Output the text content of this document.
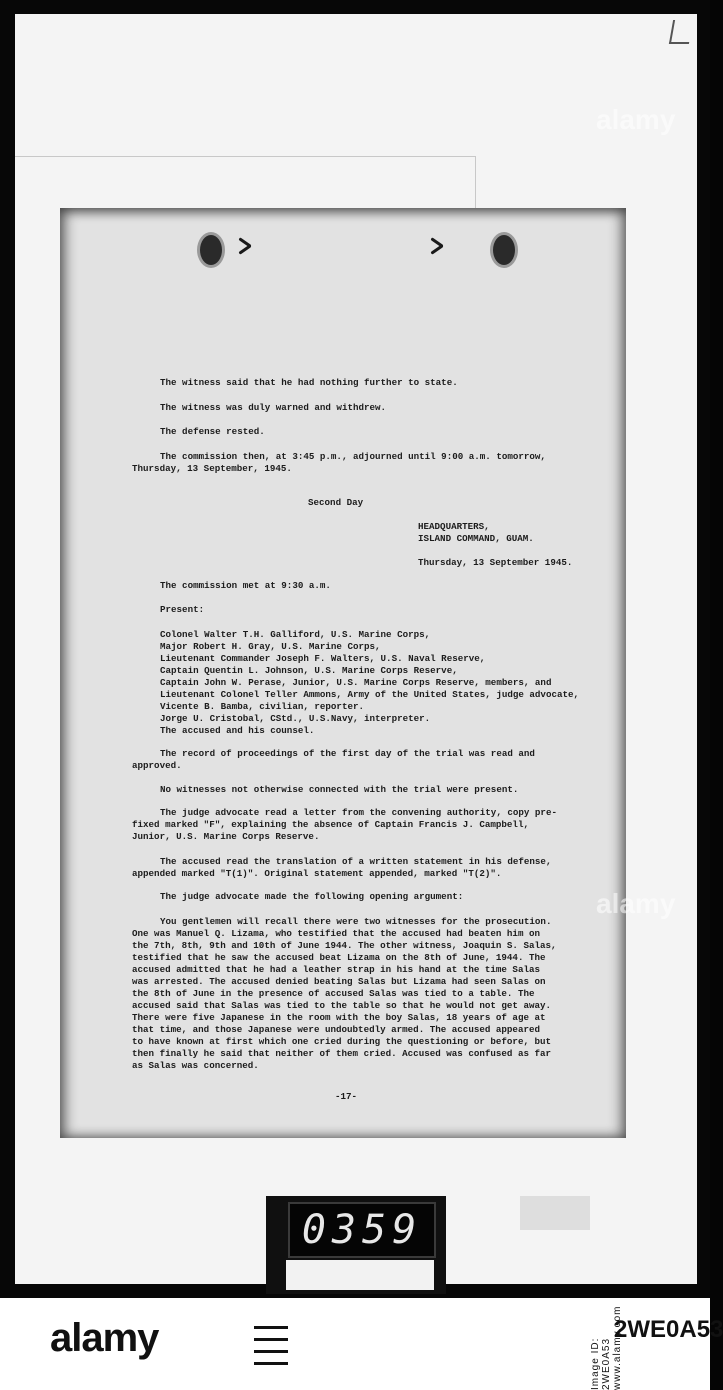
The witness said that he had nothing further to state.
The witness was duly warned and withdrew.
The defense rested.
The commission then, at 3:45 p.m., adjourned until 9:00 a.m. tomorrow,
Thursday, 13 September, 1945.
Second Day
HEADQUARTERS,
ISLAND COMMAND, GUAM.
Thursday, 13 September 1945.
The commission met at 9:30 a.m.
Present:
Colonel Walter T.H. Galliford, U.S. Marine Corps,
Major Robert H. Gray, U.S. Marine Corps,
Lieutenant Commander Joseph F. Walters, U.S. Naval Reserve,
Captain Quentin L. Johnson, U.S. Marine Corps Reserve,
Captain John W. Perase, Junior, U.S. Marine Corps Reserve, members, and
Lieutenant Colonel Teller Ammons, Army of the United States, judge advocate,
Vicente B. Bamba, civilian, reporter.
Jorge U. Cristobal, CStd., U.S.Navy, interpreter.
The accused and his counsel.
The record of proceedings of the first day of the trial was read and
approved.
No witnesses not otherwise connected with the trial were present.
The judge advocate read a letter from the convening authority, copy pre-
fixed marked "F", explaining the absence of Captain Francis J. Campbell,
Junior, U.S. Marine Corps Reserve.
The accused read the translation of a written statement in his defense,
appended marked "T(1)". Original statement appended, marked "T(2)".
The judge advocate made the following opening argument:
You gentlemen will recall there were two witnesses for the prosecution.
One was Manuel Q. Lizama, who testified that the accused had beaten him on
the 7th, 8th, 9th and 10th of June 1944. The other witness, Joaquin S. Salas,
testified that he saw the accused beat Lizama on the 8th of June, 1944. The
accused admitted that he had a leather strap in his hand at the time Salas
was arrested. The accused denied beating Salas but Lizama had seen Salas on
the 8th of June in the presence of accused Salas was tied to a table. The
accused said that Salas was tied to the table so that he would not get away.
There were five Japanese in the room with the boy Salas, 18 years of age at
that time, and those Japanese were undoubtedly armed. The accused appeared
to have known at first which one cried during the questioning or before, but
then finally he said that neither of them cried. Accused was confused as far
as Salas was concerned.
-17-
0359
alamy
alamy
alamy	Image ID: 2WE0A53 www.alamy.com
2WE0A53
